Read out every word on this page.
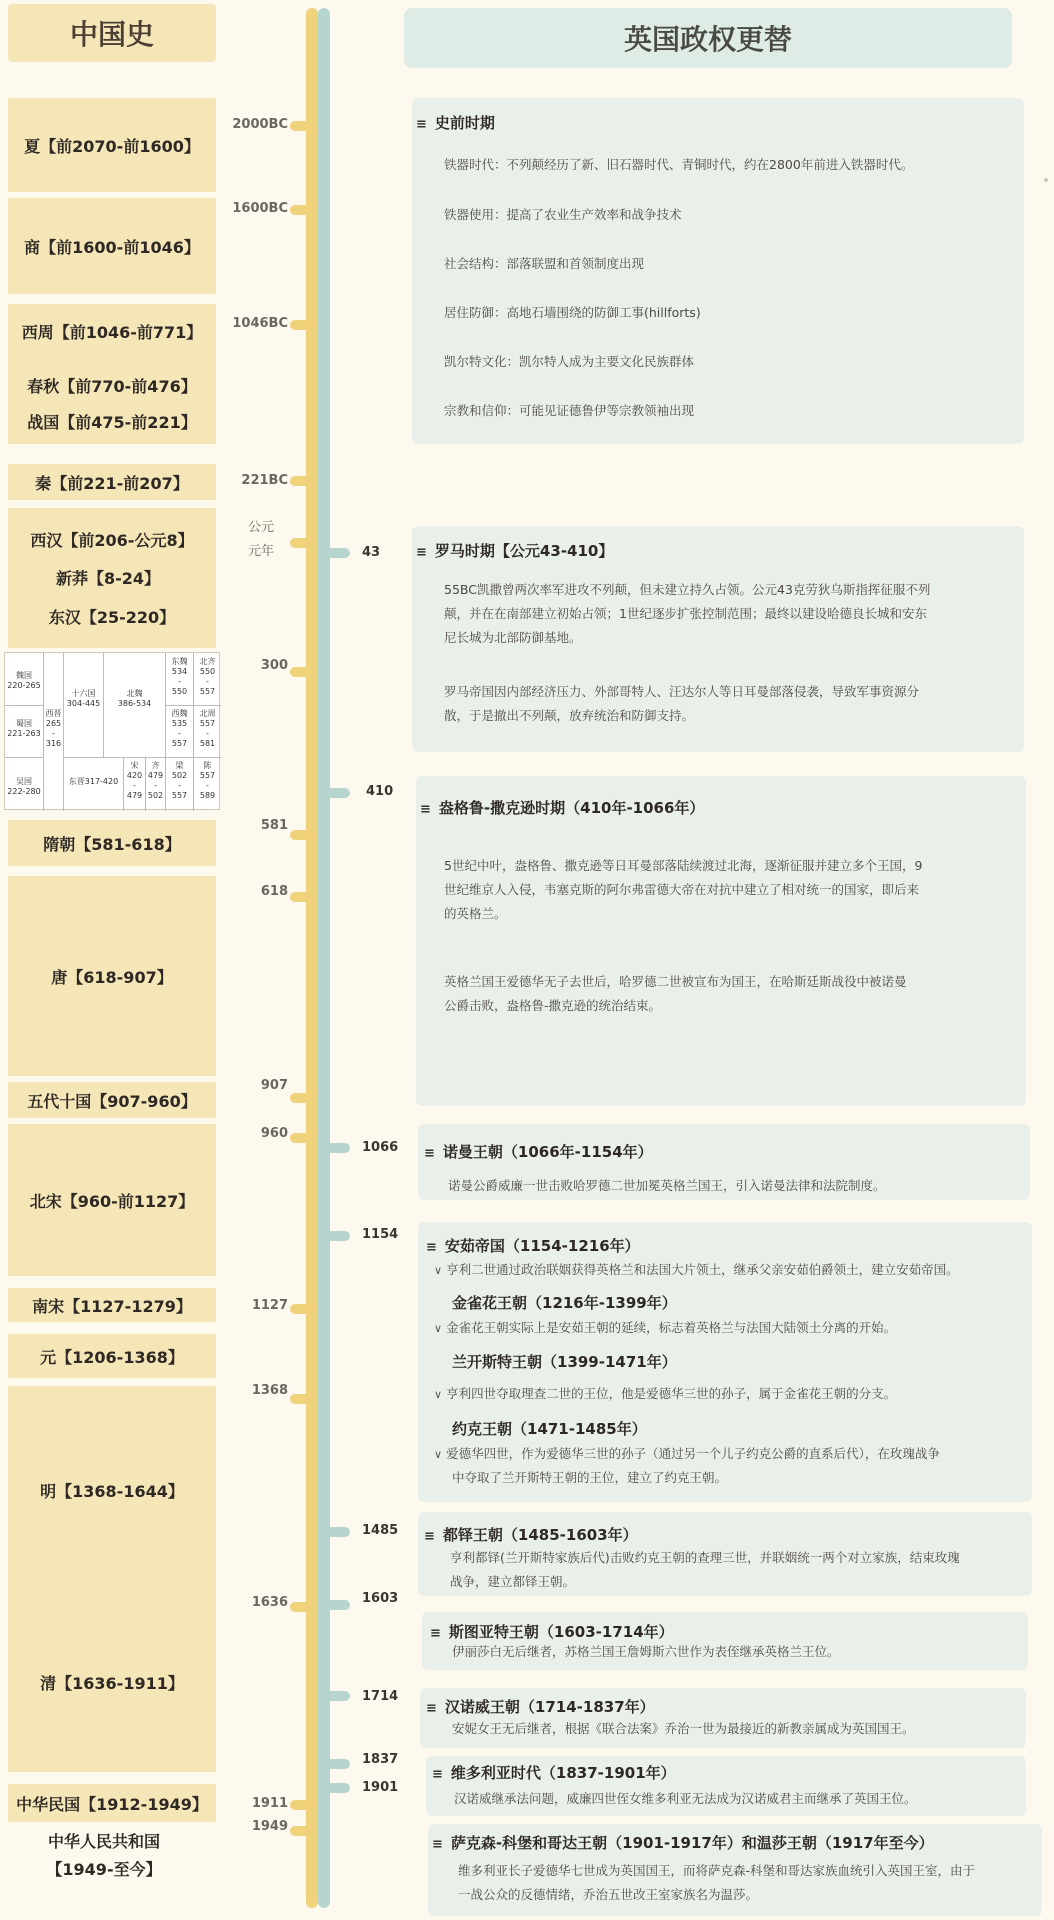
中国史
夏【前2070-前1600】
商【前1600-前1046】
西周【前1046-前771】
春秋【前770-前476】
战国【前475-前221】
秦【前221-前207】
西汉【前206-公元8】
新莽【8-24】
东汉【25-220】
魏国
220-265
蜀国
221-263
吴国
222-280
西晋
265
-
316
十六国
304-445
北魏
386-534
东魏
534
-
550
北齐
550
-
557
西魏
535
-
557
北周
557
-
581
东晋317-420
宋
420
-
479
齐
479
-
502
梁
502
-
557
陈
557
-
589
隋朝【581-618】
唐【618-907】
五代十国【907-960】
北宋【960-前1127】
南宋【1127-1279】
元【1206-1368】
明【1368-1644】
清【1636-1911】
中华民国【1912-1949】
中华人民共和国
【1949-至今】
2000BC
1600BC
1046BC
221BC
公元
元年
300
581
618
907
960
1127
1368
1636
1911
1949
43
410
1066
1154
1485
1603
1714
1837
1901
英国政权更替
≡ 史前时期
铁器时代：不列颠经历了新、旧石器时代、青铜时代，约在2800年前进入铁器时代。
铁器使用：提高了农业生产效率和战争技术
社会结构：部落联盟和首领制度出现
居住防御：高地石墙围绕的防御工事(hillforts)
凯尔特文化：凯尔特人成为主要文化民族群体
宗教和信仰：可能见证德鲁伊等宗教领袖出现
≡ 罗马时期【公元43-410】
55BC凯撒曾两次率军进攻不列颠，但未建立持久占领。公元43克劳狄乌斯指挥征服不列
颠，并在在南部建立初始占领；1世纪逐步扩张控制范围；最终以建设哈德良长城和安东
尼长城为北部防御基地。
罗马帝国因内部经济压力、外部哥特人、汪达尔人等日耳曼部落侵袭，导致军事资源分
散，于是撤出不列颠，放弃统治和防御支持。
≡ 盎格鲁-撒克逊时期（410年-1066年）
5世纪中叶，盎格鲁、撒克逊等日耳曼部落陆续渡过北海，逐渐征服并建立多个王国，9
世纪维京人入侵，韦塞克斯的阿尔弗雷德大帝在对抗中建立了相对统一的国家，即后来
的英格兰。
英格兰国王爱德华无子去世后，哈罗德二世被宣布为国王，在哈斯廷斯战役中被诺曼
公爵击败，盎格鲁-撒克逊的统治结束。
≡ 诺曼王朝（1066年-1154年）
诺曼公爵威廉一世击败哈罗德二世加冕英格兰国王，引入诺曼法律和法院制度。
≡ 安茹帝国（1154-1216年）
∨ 亨利二世通过政治联姻获得英格兰和法国大片领土，继承父亲安茹伯爵领土，建立安茹帝国。
金雀花王朝（1216年-1399年）
∨ 金雀花王朝实际上是安茹王朝的延续，标志着英格兰与法国大陆领土分离的开始。
兰开斯特王朝（1399-1471年）
∨ 亨利四世夺取理查二世的王位，他是爱德华三世的孙子，属于金雀花王朝的分支。
约克王朝（1471-1485年）
∨ 爱德华四世，作为爱德华三世的孙子（通过另一个儿子约克公爵的直系后代），在玫瑰战争
中夺取了兰开斯特王朝的王位，建立了约克王朝。
≡ 都铎王朝（1485-1603年）
亨利都铎(兰开斯特家族后代)击败约克王朝的查理三世，并联姻统一两个对立家族，结束玫瑰
战争，建立都铎王朝。
≡ 斯图亚特王朝（1603-1714年）
伊丽莎白无后继者，苏格兰国王詹姆斯六世作为表侄继承英格兰王位。
≡ 汉诺威王朝（1714-1837年）
安妮女王无后继者，根据《联合法案》乔治一世为最接近的新教亲属成为英国国王。
≡ 维多利亚时代（1837-1901年）
汉诺威继承法问题，威廉四世侄女维多利亚无法成为汉诺威君主而继承了英国王位。
≡ 萨克森-科堡和哥达王朝（1901-1917年）和温莎王朝（1917年至今）
维多利亚长子爱德华七世成为英国国王，而将萨克森-科堡和哥达家族血统引入英国王室，由于
一战公众的反德情绪，乔治五世改王室家族名为温莎。
